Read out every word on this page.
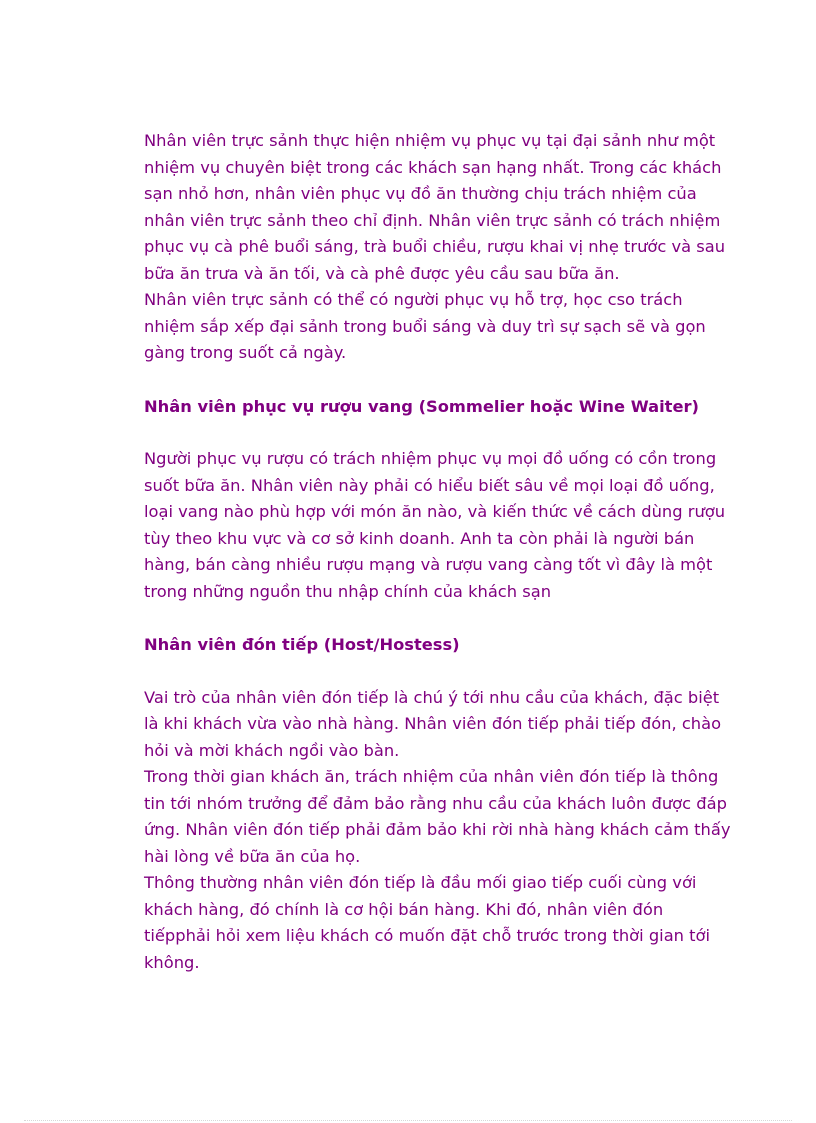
Nhân viên trực sảnh thực hiện nhiệm vụ phục vụ tại đại sảnh như một
nhiệm vụ chuyên biệt trong các khách sạn hạng nhất. Trong các khách
sạn nhỏ hơn, nhân viên phục vụ đồ ăn thường chịu trách nhiệm của
nhân viên trực sảnh theo chỉ định. Nhân viên trực sảnh có trách nhiệm
phục vụ cà phê buổi sáng, trà buổi chiều, rượu khai vị nhẹ trước và sau
bữa ăn trưa và ăn tối, và cà phê được yêu cầu sau bữa ăn.

Nhân viên trực sảnh có thể có người phục vụ hỗ trợ, học cso trách
nhiệm sắp xếp đại sảnh trong buổi sáng và duy trì sự sạch sẽ và gọn
gàng trong suốt cả ngày.

Nhân viên phục vụ rượu vang (Sommelier hoặc Wine Waiter)

Người phục vụ rượu có trách nhiệm phục vụ mọi đồ uống có cồn trong
suốt bữa ăn. Nhân viên này phải có hiểu biết sâu về mọi loại đồ uống,
loại vang nào phù hợp với món ăn nào, và kiến thức về cách dùng rượu
tùy theo khu vực và cơ sở kinh doanh. Anh ta còn phải là người bán
hàng, bán càng nhiều rượu mạng và rượu vang càng tốt vì đây là một
trong những nguồn thu nhập chính của khách sạn

Nhân viên đón tiếp (Host/Hostess)

Vai trò của nhân viên đón tiếp là chú ý tới nhu cầu của khách, đặc biệt
là khi khách vừa vào nhà hàng. Nhân viên đón tiếp phải tiếp đón, chào
hỏi và mời khách ngồi vào bàn.

Trong thời gian khách ăn, trách nhiệm của nhân viên đón tiếp là thông
tin tới nhóm trưởng để đảm bảo rằng nhu cầu của khách luôn được đáp
ứng. Nhân viên đón tiếp phải đảm bảo khi rời nhà hàng khách cảm thấy
hài lòng về bữa ăn của họ.

Thông thường nhân viên đón tiếp là đầu mối giao tiếp cuối cùng với
khách hàng, đó chính là cơ hội bán hàng. Khi đó, nhân viên đón
tiếpphải hỏi xem liệu khách có muốn đặt chỗ trước trong thời gian tới
không.
